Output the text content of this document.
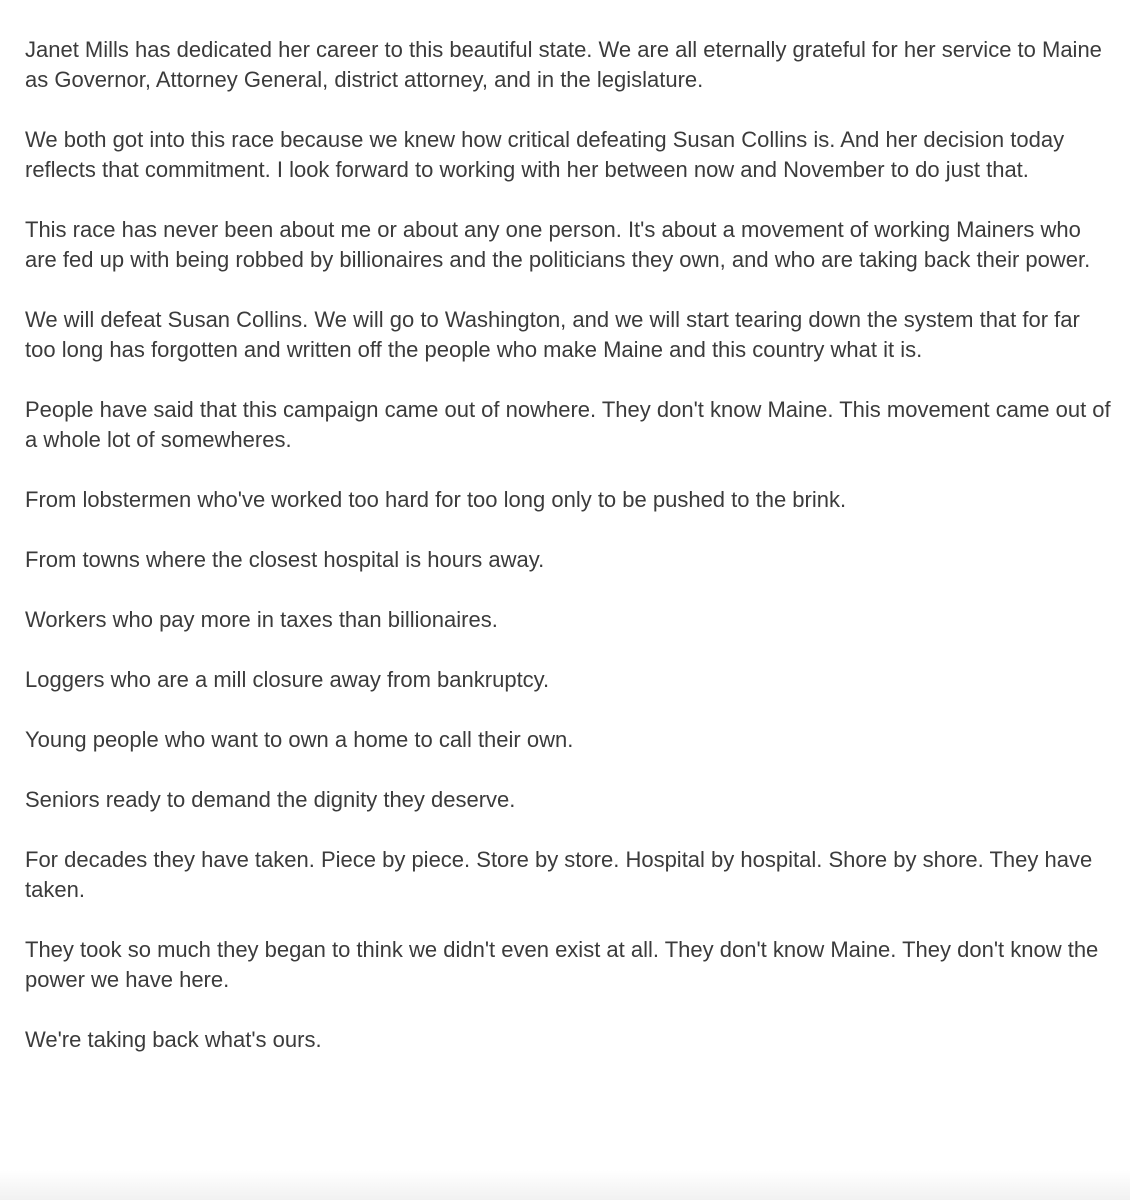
Janet Mills has dedicated her career to this beautiful state. We are all eternally grateful for her service to Maine as Governor, Attorney General, district attorney, and in the legislature.

We both got into this race because we knew how critical defeating Susan Collins is. And her decision today reflects that commitment. I look forward to working with her between now and November to do just that.

This race has never been about me or about any one person. It's about a movement of working Mainers who are fed up with being robbed by billionaires and the politicians they own, and who are taking back their power.

We will defeat Susan Collins. We will go to Washington, and we will start tearing down the system that for far too long has forgotten and written off the people who make Maine and this country what it is.

People have said that this campaign came out of nowhere. They don't know Maine. This movement came out of a whole lot of somewheres.

From lobstermen who've worked too hard for too long only to be pushed to the brink.

From towns where the closest hospital is hours away.

Workers who pay more in taxes than billionaires.

Loggers who are a mill closure away from bankruptcy.

Young people who want to own a home to call their own.

Seniors ready to demand the dignity they deserve.

For decades they have taken. Piece by piece. Store by store. Hospital by hospital. Shore by shore. They have taken.

They took so much they began to think we didn't even exist at all. They don't know Maine. They don't know the power we have here.

We're taking back what's ours.
